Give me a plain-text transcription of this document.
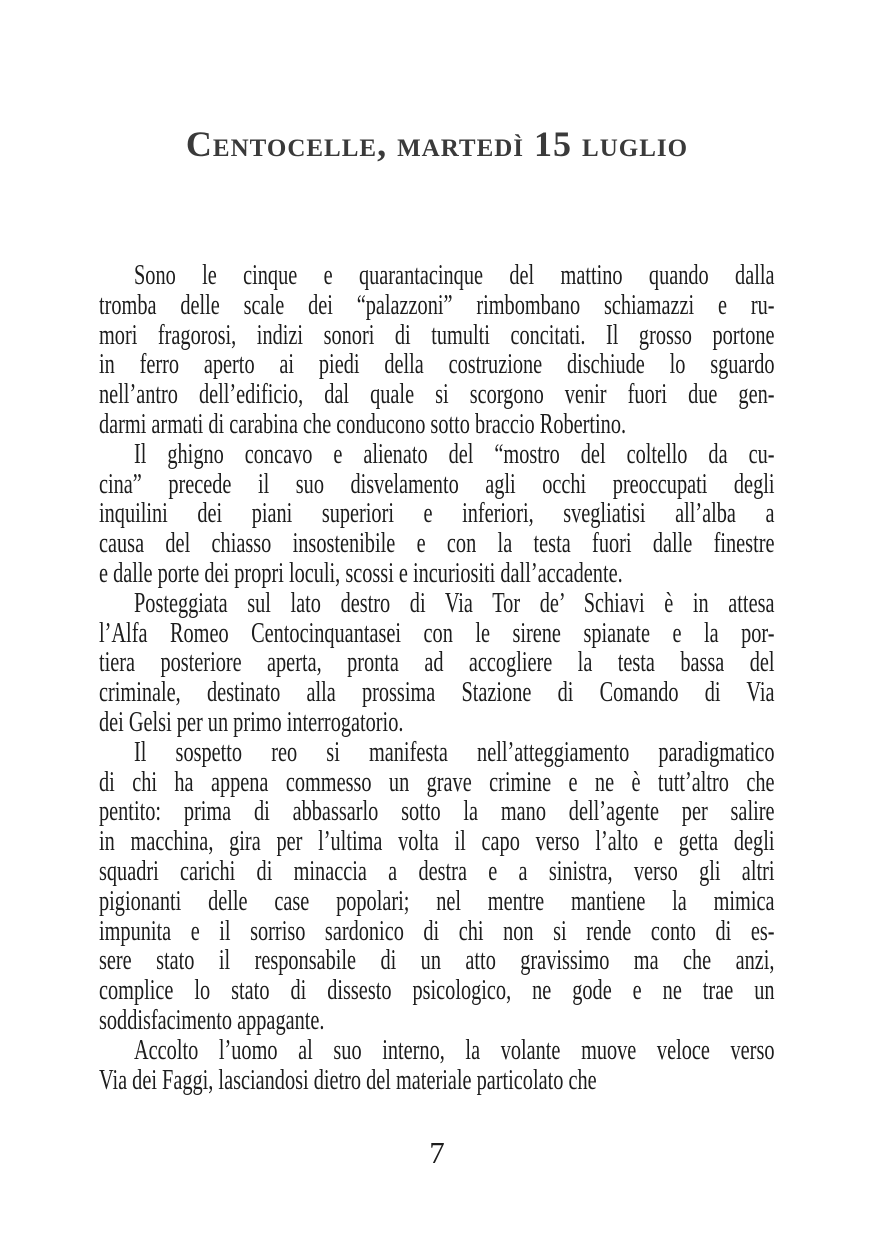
Centocelle, martedì 15 luglio
Sono le cinque e quarantacinque del mattino quando dalla
tromba delle scale dei “palazzoni” rimbombano schiamazzi e ru-
mori fragorosi, indizi sonori di tumulti concitati. Il grosso portone
in ferro aperto ai piedi della costruzione dischiude lo sguardo
nell’antro dell’edificio, dal quale si scorgono venir fuori due gen-
darmi armati di carabina che conducono sotto braccio Robertino.
Il ghigno concavo e alienato del “mostro del coltello da cu-
cina” precede il suo disvelamento agli occhi preoccupati degli
inquilini dei piani superiori e inferiori, svegliatisi all’alba a
causa del chiasso insostenibile e con la testa fuori dalle finestre
e dalle porte dei propri loculi, scossi e incuriositi dall’accadente.
Posteggiata sul lato destro di Via Tor de’ Schiavi è in attesa
l’Alfa Romeo Centocinquantasei con le sirene spianate e la por-
tiera posteriore aperta, pronta ad accogliere la testa bassa del
criminale, destinato alla prossima Stazione di Comando di Via
dei Gelsi per un primo interrogatorio.
Il sospetto reo si manifesta nell’atteggiamento paradigmatico
di chi ha appena commesso un grave crimine e ne è tutt’altro che
pentito: prima di abbassarlo sotto la mano dell’agente per salire
in macchina, gira per l’ultima volta il capo verso l’alto e getta degli
squadri carichi di minaccia a destra e a sinistra, verso gli altri
pigionanti delle case popolari; nel mentre mantiene la mimica
impunita e il sorriso sardonico di chi non si rende conto di es-
sere stato il responsabile di un atto gravissimo ma che anzi,
complice lo stato di dissesto psicologico, ne gode e ne trae un
soddisfacimento appagante.
Accolto l’uomo al suo interno, la volante muove veloce verso
Via dei Faggi, lasciandosi dietro del materiale particolato che
7
